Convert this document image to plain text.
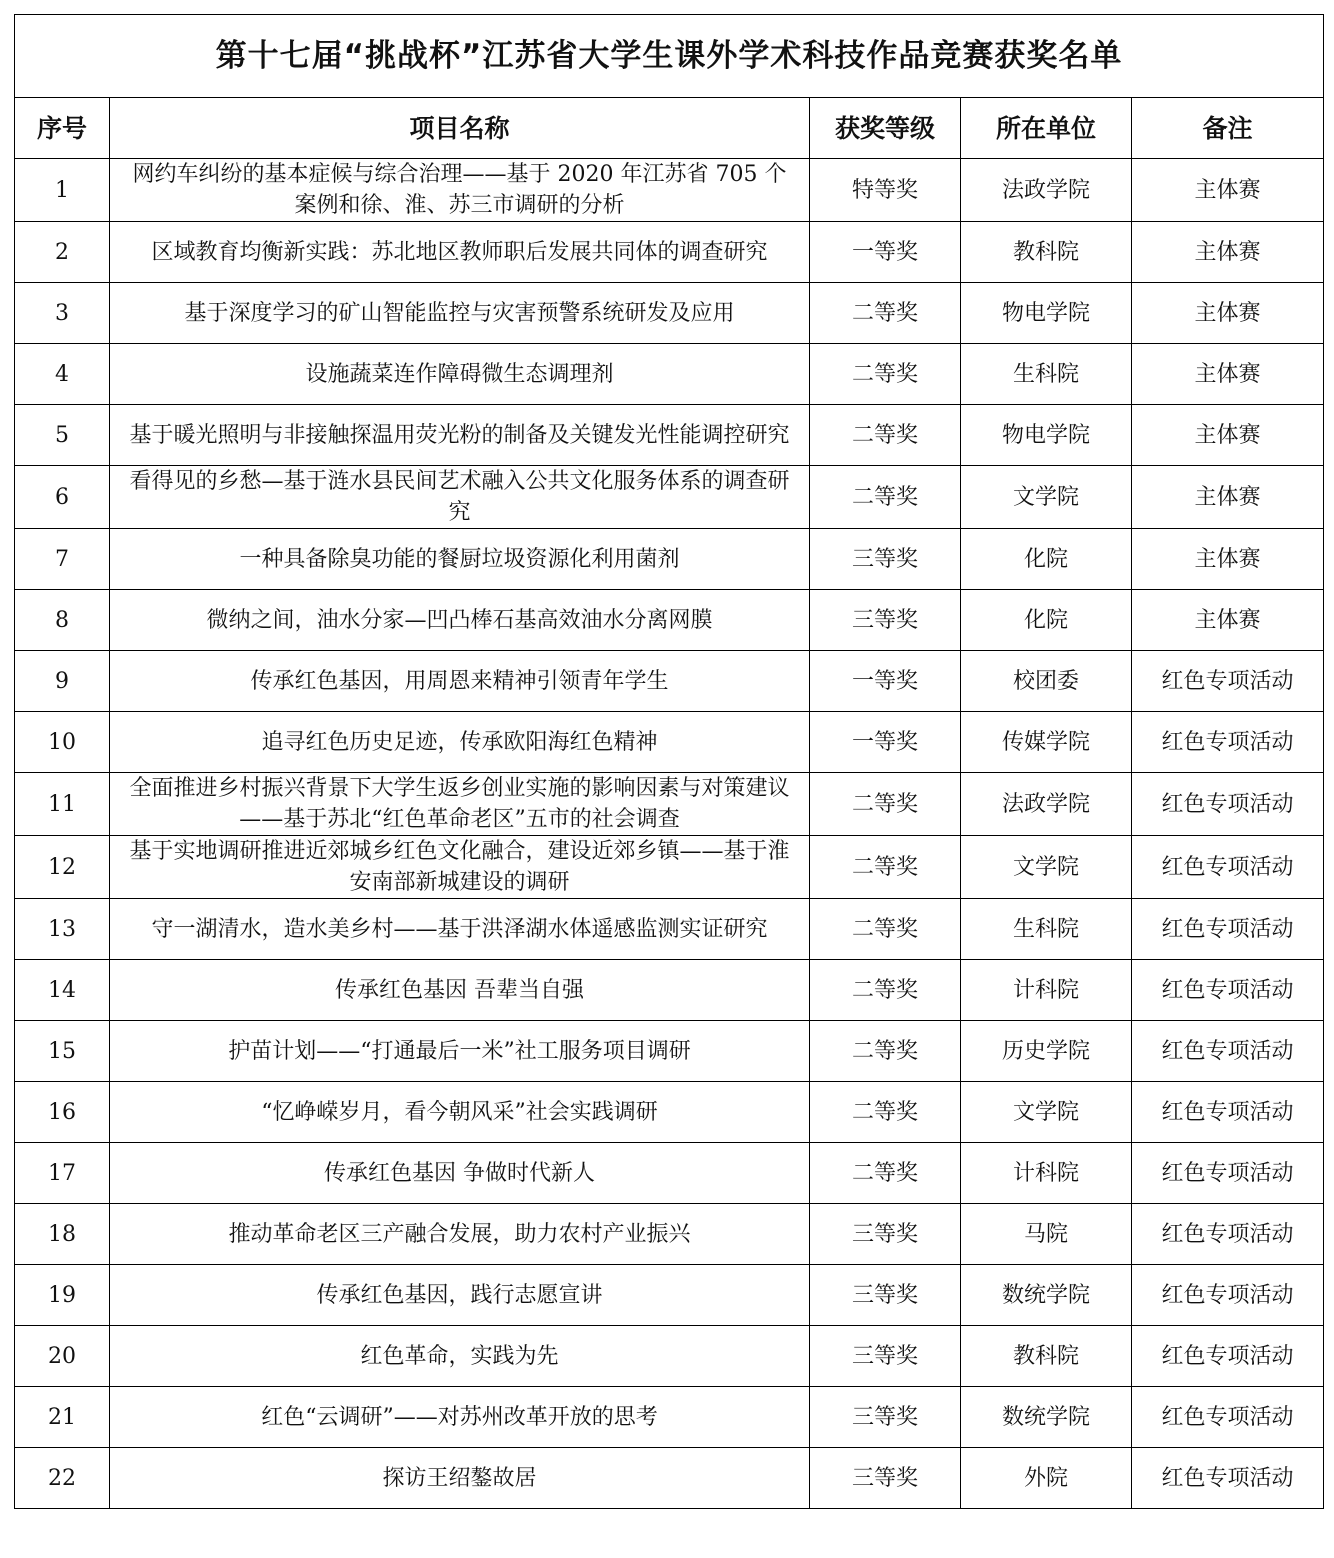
第十七届“挑战杯”江苏省大学生课外学术科技作品竞赛获奖名单				
序号	项目名称	获奖等级	所在单位	备注
1	网约车纠纷的基本症候与综合治理——基于 2020 年江苏省 705 个案例和徐、淮、苏三市调研的分析	特等奖	法政学院	主体赛
2	区域教育均衡新实践：苏北地区教师职后发展共同体的调查研究	一等奖	教科院	主体赛
3	基于深度学习的矿山智能监控与灾害预警系统研发及应用	二等奖	物电学院	主体赛
4	设施蔬菜连作障碍微生态调理剂	二等奖	生科院	主体赛
5	基于暖光照明与非接触探温用荧光粉的制备及关键发光性能调控研究	二等奖	物电学院	主体赛
6	看得见的乡愁—基于涟水县民间艺术融入公共文化服务体系的调查研究	二等奖	文学院	主体赛
7	一种具备除臭功能的餐厨垃圾资源化利用菌剂	三等奖	化院	主体赛
8	微纳之间，油水分家—凹凸棒石基高效油水分离网膜	三等奖	化院	主体赛
9	传承红色基因，用周恩来精神引领青年学生	一等奖	校团委	红色专项活动
10	追寻红色历史足迹，传承欧阳海红色精神	一等奖	传媒学院	红色专项活动
11	全面推进乡村振兴背景下大学生返乡创业实施的影响因素与对策建议——基于苏北“红色革命老区”五市的社会调查	二等奖	法政学院	红色专项活动
12	基于实地调研推进近郊城乡红色文化融合，建设近郊乡镇——基于淮安南部新城建设的调研	二等奖	文学院	红色专项活动
13	守一湖清水，造水美乡村——基于洪泽湖水体遥感监测实证研究	二等奖	生科院	红色专项活动
14	传承红色基因 吾辈当自强	二等奖	计科院	红色专项活动
15	护苗计划——“打通最后一米”社工服务项目调研	二等奖	历史学院	红色专项活动
16	“忆峥嵘岁月，看今朝风采”社会实践调研	二等奖	文学院	红色专项活动
17	传承红色基因 争做时代新人	二等奖	计科院	红色专项活动
18	推动革命老区三产融合发展，助力农村产业振兴	三等奖	马院	红色专项活动
19	传承红色基因，践行志愿宣讲	三等奖	数统学院	红色专项活动
20	红色革命，实践为先	三等奖	教科院	红色专项活动
21	红色“云调研”——对苏州改革开放的思考	三等奖	数统学院	红色专项活动
22	探访王绍鏊故居	三等奖	外院	红色专项活动
